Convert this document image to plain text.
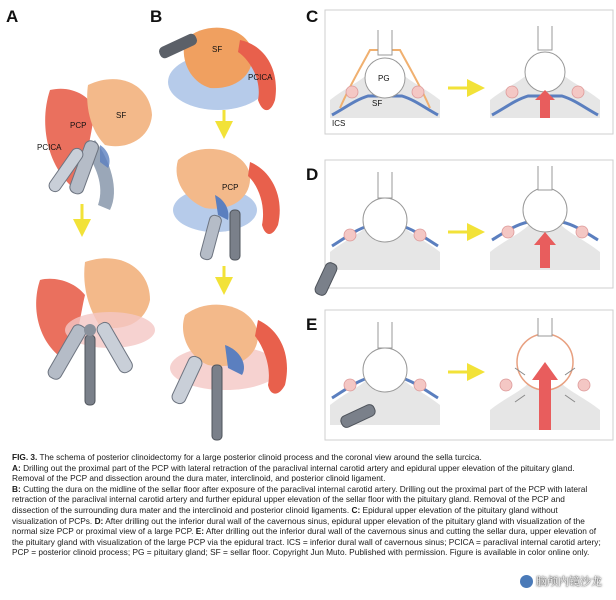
A
SF
PCP
PCICA
B
SF
PCICA
PCP
C
PG
SF
ICS
D
E

FIG. 3. The schema of posterior clinoidectomy for a large posterior clinoid process and the coronal view around the sella turcica.

A: Drilling out the proximal part of the PCP with lateral retraction of the paraclival internal carotid artery and epidural upper elevation of the pituitary gland. Removal of the PCP and dissection around the dura mater, interclinoid, and posterior clinoid ligament.

B: Cutting the dura on the midline of the sellar floor after exposure of the paraclival internal carotid artery. Drilling out the proximal part of the PCP with lateral retraction of the paraclival internal carotid artery and further epidural upper elevation of the sellar floor with the pituitary gland. Removal of the PCP and dissection of the surrounding dura mater and the interclinoid and posterior clinoid ligaments. C: Epidural upper elevation of the pituitary gland without visualization of PCPs. D: After drilling out the inferior dural wall of the cavernous sinus, epidural upper elevation of the pituitary gland with visualization of the normal size PCP or proximal view of a large PCP. E: After drilling out the inferior dural wall of the cavernous sinus and cutting the sellar dura, upper elevation of the pituitary gland with visualization of the large PCP via the epidural tract. ICS = inferior dural wall of cavernous sinus; PCICA = paraclival internal carotid artery; PCP = posterior clinoid process; PG = pituitary gland; SF = sellar floor. Copyright Jun Muto. Published with permission. Figure is available in color online only.

脑颅内镜沙龙
